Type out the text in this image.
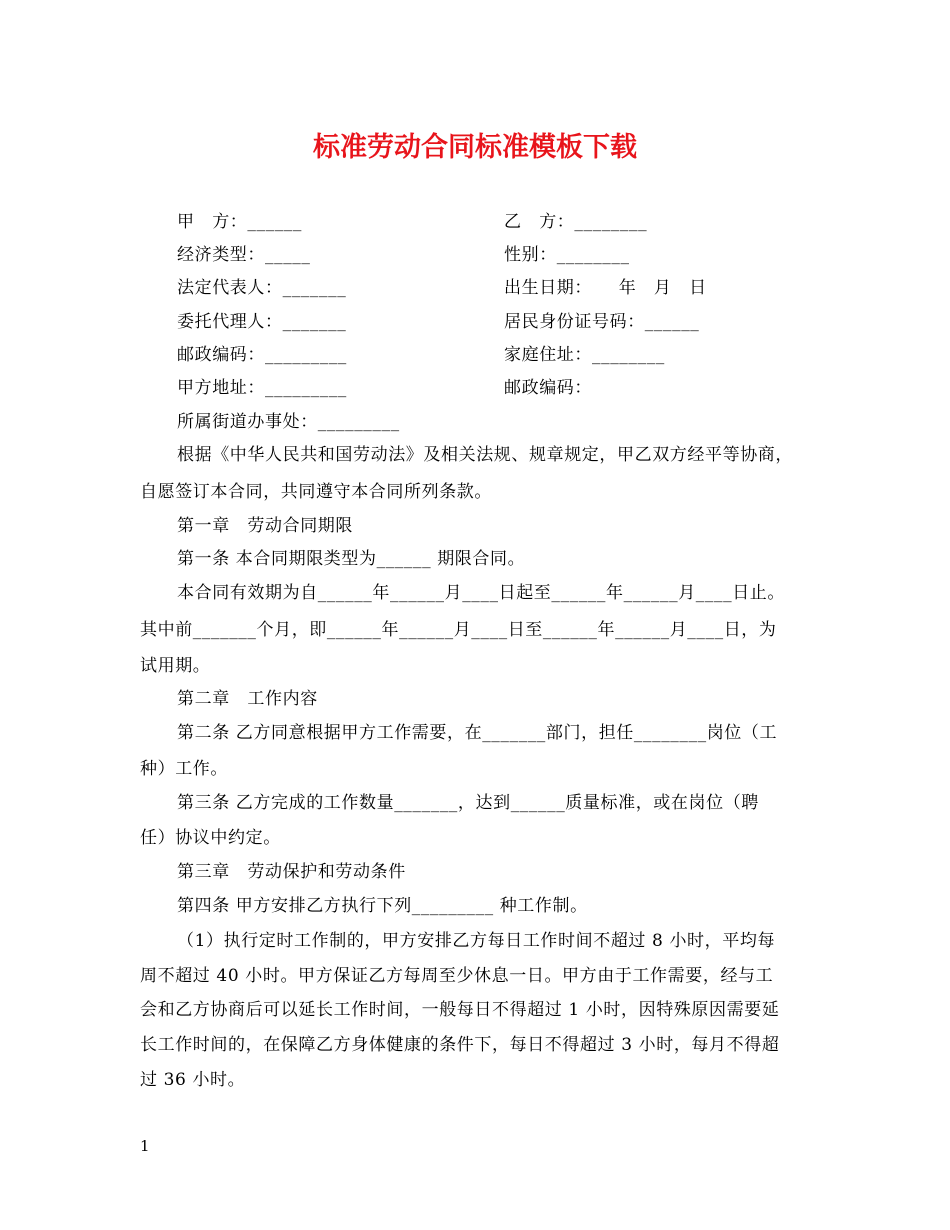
标准劳动合同标准模板下载
甲　方：______
经济类型：_____
法定代表人：_______
委托代理人：_______
邮政编码：_________
甲方地址：_________
所属街道办事处：_________
乙　方：________
性别：________
出生日期：　　年　月　日
居民身份证号码：______
家庭住址：________
邮政编码：
根据《中华人民共和国劳动法》及相关法规、规章规定，甲乙双方经平等协商，
自愿签订本合同，共同遵守本合同所列条款。
第一章　劳动合同期限
第一条 本合同期限类型为______ 期限合同。
本合同有效期为自______年______月____日起至______年______月____日止。
其中前_______个月，即______年______月____日至______年______月____日，为
试用期。
第二章　工作内容
第二条 乙方同意根据甲方工作需要，在_______部门，担任________岗位（工
种）工作。
第三条 乙方完成的工作数量_______，达到______质量标准，或在岗位（聘
任）协议中约定。
第三章　劳动保护和劳动条件
第四条 甲方安排乙方执行下列_________ 种工作制。
（1）执行定时工作制的，甲方安排乙方每日工作时间不超过 8 小时，平均每
周不超过 40 小时。甲方保证乙方每周至少休息一日。甲方由于工作需要，经与工
会和乙方协商后可以延长工作时间，一般每日不得超过 1 小时，因特殊原因需要延
长工作时间的，在保障乙方身体健康的条件下，每日不得超过 3 小时，每月不得超
过 36 小时。
1
